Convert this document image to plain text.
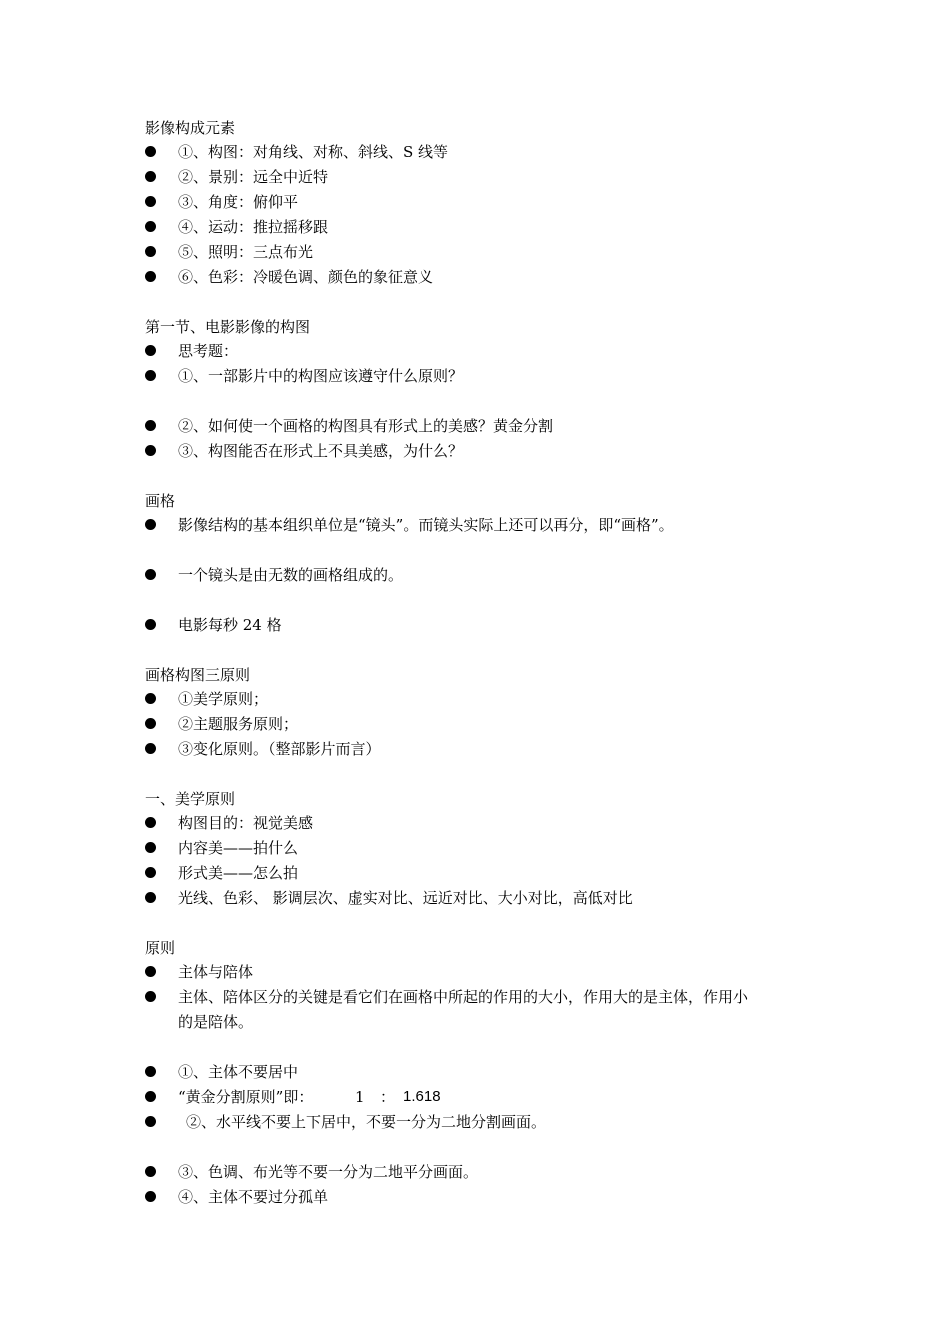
影像构成元素
①、构图：对角线、对称、斜线、S 线等
②、景别：远全中近特
③、角度：俯仰平
④、运动：推拉摇移跟
⑤、照明：三点布光
⑥、色彩：冷暖色调、颜色的象征意义
第一节、电影影像的构图
思考题：
①、一部影片中的构图应该遵守什么原则？
②、如何使一个画格的构图具有形式上的美感？黄金分割
③、构图能否在形式上不具美感，为什么？
画格
影像结构的基本组织单位是“镜头”。而镜头实际上还可以再分，即“画格”。
一个镜头是由无数的画格组成的。
电影每秒 24 格
画格构图三原则
①美学原则；
②主题服务原则；
③变化原则。（整部影片而言）
一、美学原则
构图目的：视觉美感
内容美——拍什么
形式美——怎么拍
光线、色彩、 影调层次、虚实对比、远近对比、大小对比，高低对比
原则
主体与陪体
主体、陪体区分的关键是看它们在画格中所起的作用的大小，作用大的是主体，作用小
的是陪体。
①、主体不要居中
“黄金分割原则”即：	1 ： 1.618
②、水平线不要上下居中，不要一分为二地分割画面。
③、色调、布光等不要一分为二地平分画面。
④、主体不要过分孤单
